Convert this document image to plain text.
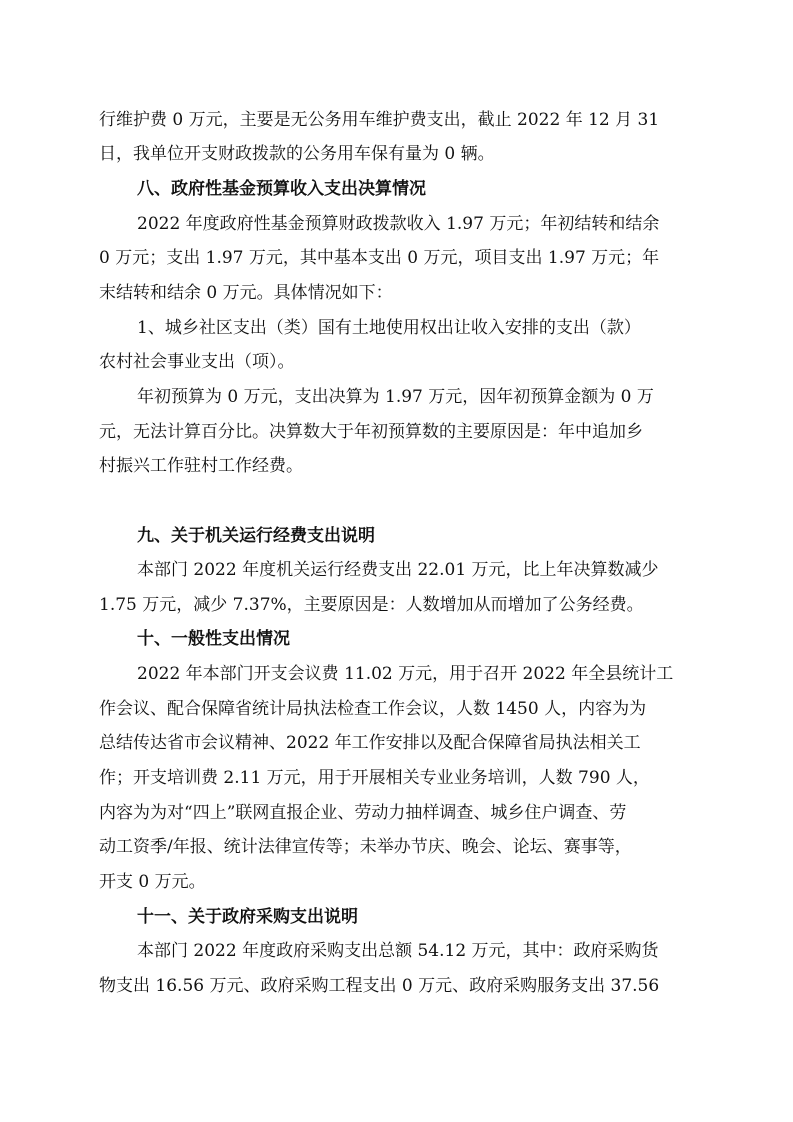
行维护费 0 万元，主要是无公务用车维护费支出，截止 2022 年 12 月 31

日，我单位开支财政拨款的公务用车保有量为 0 辆。

八、政府性基金预算收入支出决算情况

2022 年度政府性基金预算财政拨款收入 1.97 万元；年初结转和结余

0 万元；支出 1.97 万元，其中基本支出 0 万元，项目支出 1.97 万元；年

末结转和结余 0 万元。具体情况如下：

1、城乡社区支出（类）国有土地使用权出让收入安排的支出（款）

农村社会事业支出（项）。

年初预算为 0 万元，支出决算为 1.97 万元，因年初预算金额为 0 万

元，无法计算百分比。决算数大于年初预算数的主要原因是：年中追加乡

村振兴工作驻村工作经费。

九、关于机关运行经费支出说明

本部门 2022 年度机关运行经费支出 22.01 万元，比上年决算数减少

1.75 万元，减少 7.37%，主要原因是：人数增加从而增加了公务经费。

十、一般性支出情况

2022 年本部门开支会议费 11.02 万元，用于召开 2022 年全县统计工

作会议、配合保障省统计局执法检查工作会议，人数 1450 人，内容为为

总结传达省市会议精神、2022 年工作安排以及配合保障省局执法相关工

作；开支培训费 2.11 万元，用于开展相关专业业务培训，人数 790 人，

内容为为对“四上”联网直报企业、劳动力抽样调查、城乡住户调查、劳

动工资季/年报、统计法律宣传等；未举办节庆、晚会、论坛、赛事等，

开支 0 万元。

十一、关于政府采购支出说明

本部门 2022 年度政府采购支出总额 54.12 万元，其中：政府采购货

物支出 16.56 万元、政府采购工程支出 0 万元、政府采购服务支出 37.56
